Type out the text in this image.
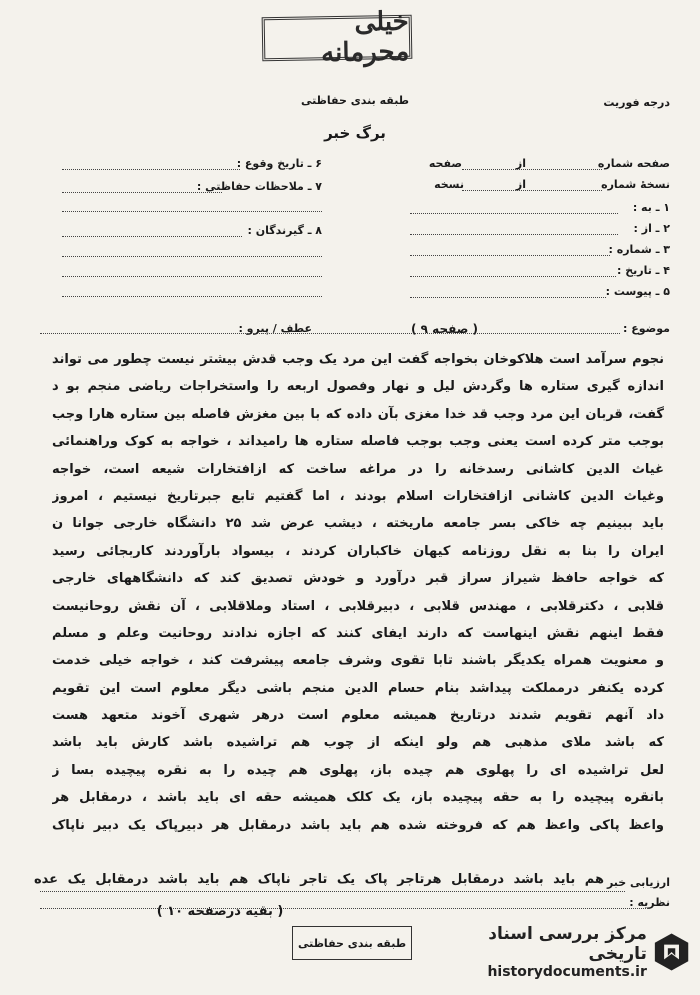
خیلی محرمانه
طبقه بندی حفاظتی	درجه فوریت
برگ خبر
صفحه شماره
از
صفحه
نسخهٔ شماره
از
نسخه
۱ ـ به :
۲ ـ از :
۳ ـ شماره :
۴ ـ تاریخ :
۵ ـ پیوست :
۶ ـ تاریخ وقوع :
۷ ـ ملاحظات حفاظتی :
۸ ـ گیرندگان :
موضوع :
( صفحه ۹ )
عطف / پیرو :
نجوم سرآمد است هلاکوخان بخواجه گفت این مرد یک وجب قدش بیشتر نیست چطور می تواند
اندازه گیری ستاره ها وگردش لیل و نهار وفصول اربعه را واستخراجات ریاضی منجم بو د
گفت، قربان این مرد وجب قد خدا مغزی بآن داده که با بین مغزش فاصله بین ستاره هارا وجب
بوجب متر کرده است یعنی وجب بوجب فاصله ستاره ها رامیداند ، خواجه به کوک وراهنمائی
غیاث الدین کاشانی رسدخانه را در مراغه ساخت که ازافتخارات شیعه است، خواجه
وغیاث الدین کاشانی ازافتخارات اسلام بودند ، اما گفتیم تابع جبرتاریخ نیستیم ، امروز
باید ببینیم چه خاکی بسر جامعه ماریخته ، دیشب عرض شد ۲۵ دانشگاه خارجی جوانا ن
ایران را بنا به نقل روزنامه کیهان خاکباران کردند ، بیسواد بارآوردند کاربجائی رسید
که خواجه حافظ شیراز سراز قبر درآورد و خودش تصدیق کند که دانشگاههای خارجی
قلابی ، دکترقلابی ، مهندس قلابی ، دبیرقلابی ، استاد وملاقلابی ، آن نقش روحانیست
فقط اینهم نقش اینهاست که دارند ایفای کنند که اجازه ندادند روحانیت وعلم و مسلم
و معنویت همراه یکدیگر باشند تابا تقوی وشرف جامعه پیشرفت کند ، خواجه خیلی خدمت
کرده یکنفر درمملکت پیداشد بنام حسام الدین منجم باشی دیگر معلوم است این تقویم
داد آنهم تقویم شدند درتاریخ همیشه معلوم است درهر شهری آخوند متعهد هست
که باشد ملای مذهبی هم ولو اینکه از چوب هم تراشیده باشد کارش باید باشد
لعل تراشیده ای را پهلوی هم چیده باز، پهلوی هم چیده را به نقره پیچیده بسا ز
بانقره پیچیده را به حقه پیچیده باز، یک کلک همیشه حقه ای باید باشد ، درمقابل هر
واعظ پاکی واعظ هم که فروخته شده هم باید باشد درمقابل هر دبیرپاک یک دبیر ناپاک
ارزیابی خبر
هم باید باشد درمقابل هرتاجر پاک یک تاجر ناپاک هم باید باشد درمقابل یک عده
نظریه :
( بقیه درصفحه ۱۰ )
طبقه بندی حفاظتی	مرکز بررسی اسناد تاریخی
historydocuments.ir
